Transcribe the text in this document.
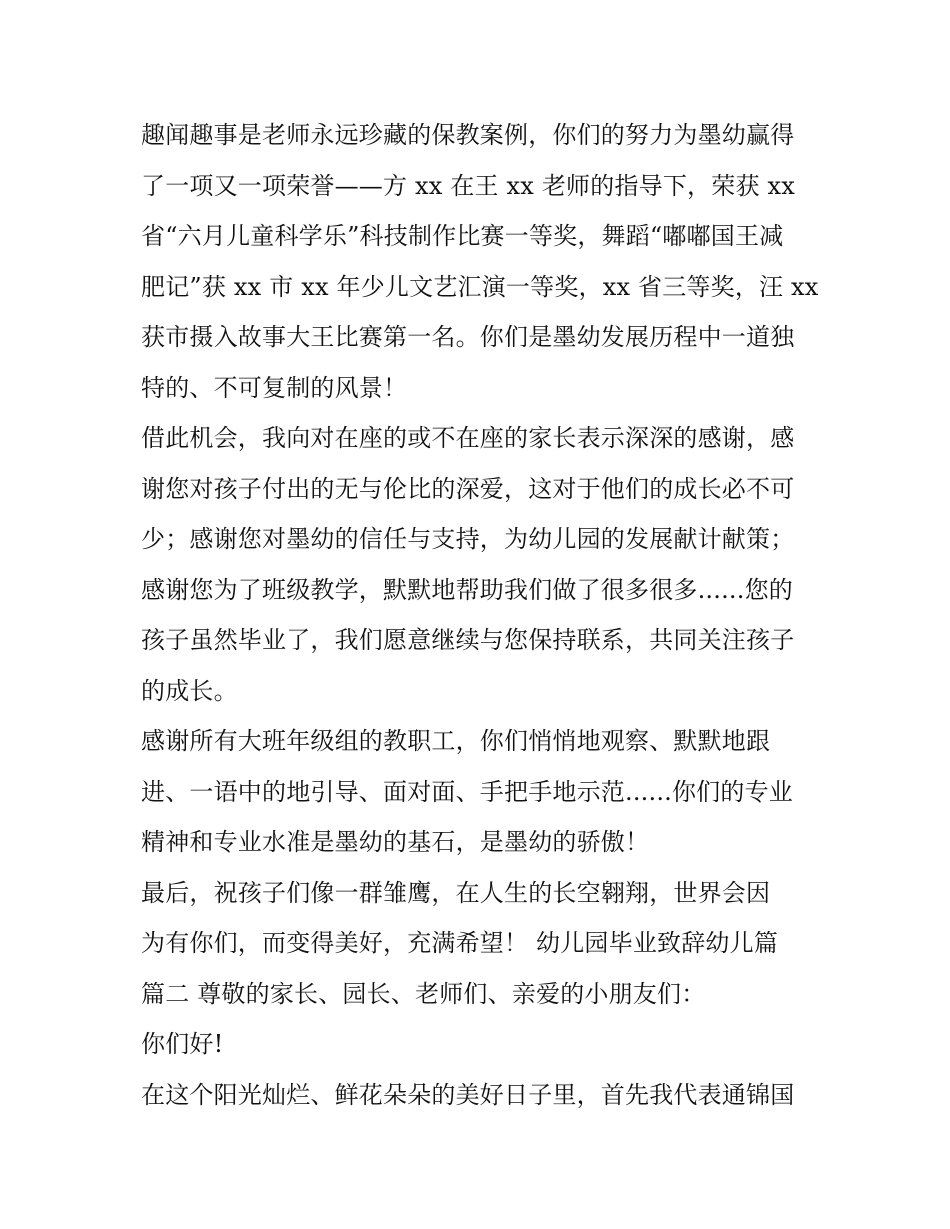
趣闻趣事是老师永远珍藏的保教案例，你们的努力为墨幼赢得
了一项又一项荣誉——方 xx 在王 xx 老师的指导下，荣获 xx
省“六月儿童科学乐”科技制作比赛一等奖，舞蹈“嘟嘟国王减
肥记”获 xx 市 xx 年少儿文艺汇演一等奖，xx 省三等奖，汪 xx
获市摄入故事大王比赛第一名。你们是墨幼发展历程中一道独
特的、不可复制的风景！
借此机会，我向对在座的或不在座的家长表示深深的感谢，感
谢您对孩子付出的无与伦比的深爱，这对于他们的成长必不可
少；感谢您对墨幼的信任与支持，为幼儿园的发展献计献策；
感谢您为了班级教学，默默地帮助我们做了很多很多......您的
孩子虽然毕业了，我们愿意继续与您保持联系，共同关注孩子
的成长。
感谢所有大班年级组的教职工，你们悄悄地观察、默默地跟
进、一语中的地引导、面对面、手把手地示范......你们的专业
精神和专业水准是墨幼的基石，是墨幼的骄傲！
最后，祝孩子们像一群雏鹰，在人生的长空翱翔，世界会因
为有你们，而变得美好，充满希望！ 幼儿园毕业致辞幼儿篇
篇二 尊敬的家长、园长、老师们、亲爱的小朋友们：
你们好!
在这个阳光灿烂、鲜花朵朵的美好日子里，首先我代表通锦国
